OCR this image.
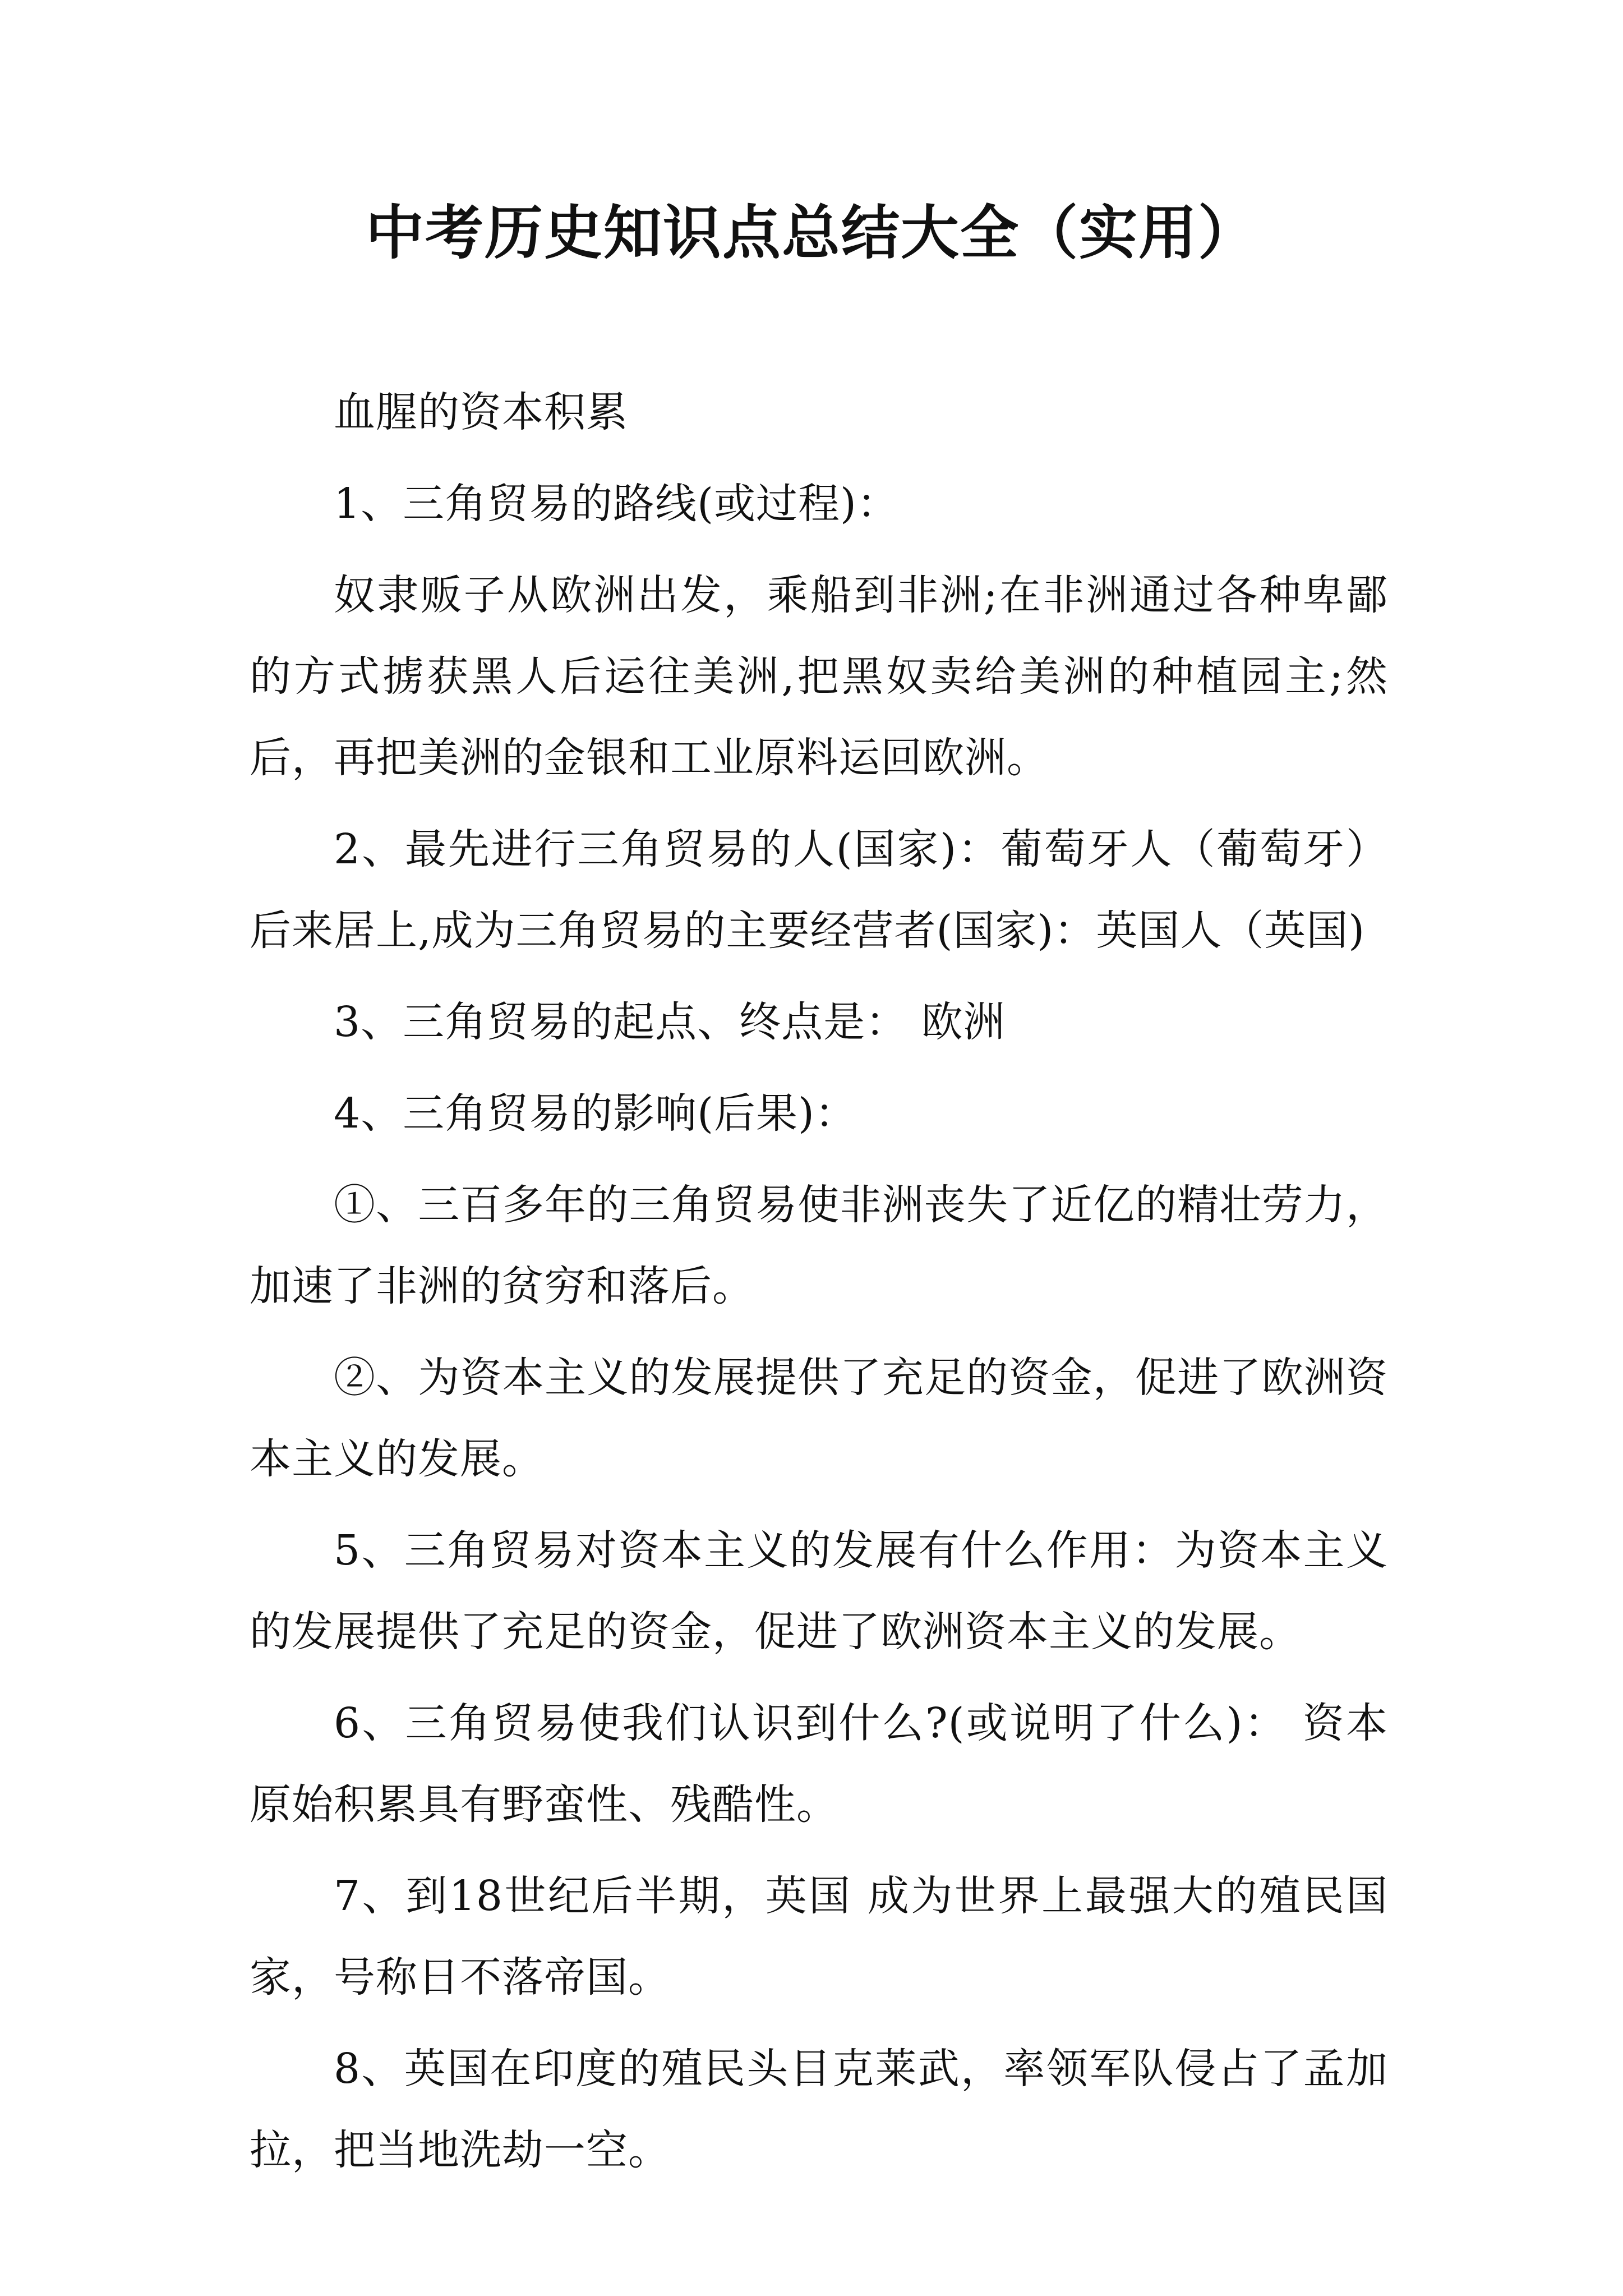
中考历史知识点总结大全（实用）

血腥的资本积累

1、三角贸易的路线(或过程)：

奴隶贩子从欧洲出发，乘船到非洲;在非洲通过各种卑鄙的方式掳获黑人后运往美洲,把黑奴卖给美洲的种植园主;然后，再把美洲的金银和工业原料运回欧洲。

2、最先进行三角贸易的人(国家)：葡萄牙人（葡萄牙）后来居上,成为三角贸易的主要经营者(国家)：英国人（英国)

3、三角贸易的起点、终点是： 欧洲

4、三角贸易的影响(后果)：

①、三百多年的三角贸易使非洲丧失了近亿的精壮劳力，加速了非洲的贫穷和落后。

②、为资本主义的发展提供了充足的资金，促进了欧洲资本主义的发展。

5、三角贸易对资本主义的发展有什么作用：为资本主义的发展提供了充足的资金，促进了欧洲资本主义的发展。

6、三角贸易使我们认识到什么?(或说明了什么)： 资本原始积累具有野蛮性、残酷性。

7、到18世纪后半期，英国 成为世界上最强大的殖民国家，号称日不落帝国。

8、英国在印度的殖民头目克莱武，率领军队侵占了孟加拉，把当地洗劫一空。
